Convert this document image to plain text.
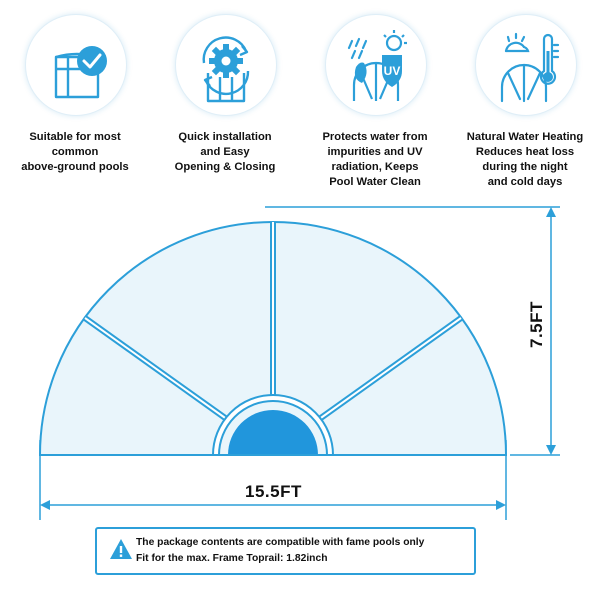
Suitable for most
common
above-ground pools
Quick installation
and Easy
Opening & Closing
UV
Protects water from
impurities and UV
radiation, Keeps
Pool Water Clean
Natural Water Heating
Reduces heat loss
during the night
and cold days
15.5FT
7.5FT
The package contents are compatible with fame pools only
Fit for the max. Frame Toprail: 1.82inch
